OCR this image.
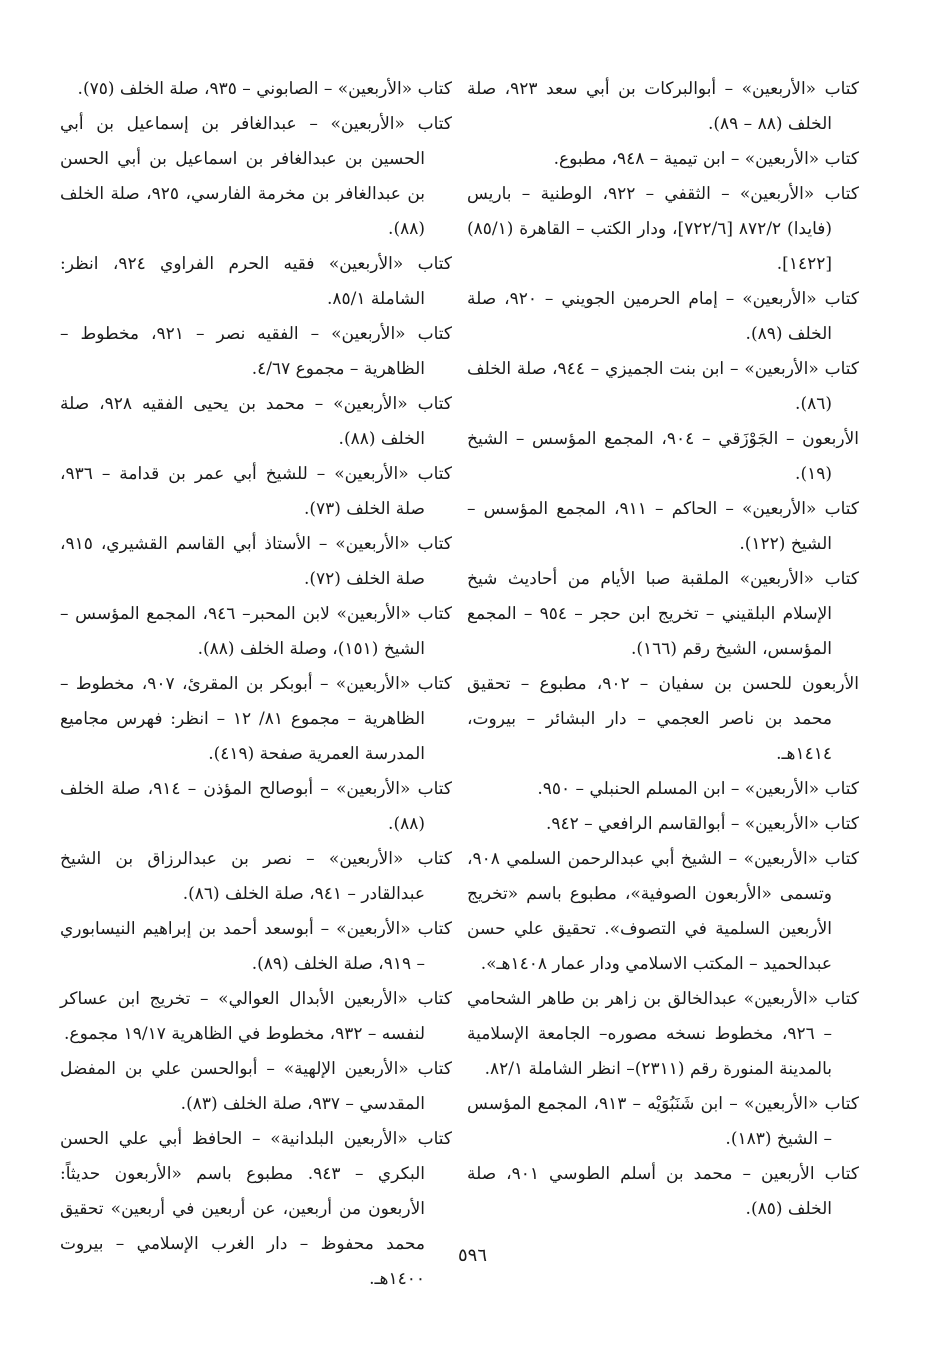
كتاب «الأربعين» – أبوالبركات بن أبي سعد ٩٢٣، صلة الخلف (٨٨ – ٨٩).

كتاب «الأربعين» – ابن تيمية – ٩٤٨، مطبوع.

كتاب «الأربعين» – الثقفي – ٩٢٢، الوطنية – باريس (فايدا) ٨٧٢/٢ [٧٢٢/٦]، ودار الكتب – القاهرة (٨٥/١) [١٤٢٢].

كتاب «الأربعين» – إمام الحرمين الجويني – ٩٢٠، صلة الخلف (٨٩).

كتاب «الأربعين» – ابن بنت الجميزي – ٩٤٤، صلة الخلف (٨٦).

الأربعون – الجَوْزَقي – ٩٠٤، المجمع المؤسس – الشيخ (١٩).

كتاب «الأربعين» – الحاكم – ٩١١، المجمع المؤسس – الشيخ (١٢٢).

كتاب «الأربعين» الملقبة صبا الأيام من أحاديث شيخ الإسلام البلقيني – تخريج ابن حجر – ٩٥٤ – المجمع المؤسس، الشيخ رقم (١٦٦).

الأربعون للحسن بن سفيان – ٩٠٢، مطبوع – تحقيق محمد بن ناصر العجمي – دار البشائر – بيروت، ١٤١٤هـ.

كتاب «الأربعين» – ابن المسلم الحنبلي – ٩٥٠.

كتاب «الأربعين» – أبوالقاسم الرافعي – ٩٤٢.

كتاب «الأربعين» – الشيخ أبي عبدالرحمن السلمي ٩٠٨، وتسمى «الأربعون الصوفية»، مطبوع باسم «تخريج الأربعين السلمية في التصوف». تحقيق علي حسن عبدالحميد – المكتب الاسلامي ودار عمار ١٤٠٨هـ».

كتاب «الأربعين» عبدالخالق بن زاهر بن طاهر الشحامي – ٩٢٦، مخطوط نسخه مصوره– الجامعة الإسلامية بالمدينة المنورة رقم (٢٣١١)– انظر الشاملة ٨٢/١.

كتاب «الأربعين» – ابن شَنَبُوَيْه – ٩١٣، المجمع المؤسس – الشيخ (١٨٣).

كتاب الأربعين – محمد بن أسلم الطوسي ٩٠١، صلة الخلف (٨٥).

كتاب «الأربعين» – الصابوني – ٩٣٥، صلة الخلف (٧٥).

كتاب «الأربعين» – عبدالغافر بن إسماعيل بن أبي الحسين بن عبدالغافر بن اسماعيل بن أبي الحسن بن عبدالغافر بن مخرمة الفارسي، ٩٢٥، صلة الخلف (٨٨).

كتاب «الأربعين» فقيه الحرم الفراوي ٩٢٤، انظر: الشاملة ٨٥/١.

كتاب «الأربعين» – الفقيه نصر – ٩٢١، مخطوط – الظاهرية – مجموع ٤/٦٧.

كتاب «الأربعين» – محمد بن يحيى الفقيه ٩٢٨، صلة الخلف (٨٨).

كتاب «الأربعين» – للشيخ أبي عمر بن قدامة – ٩٣٦، صلة الخلف (٧٣).

كتاب «الأربعين» – الأستاذ أبي القاسم القشيري، ٩١٥، صلة الخلف (٧٢).

كتاب «الأربعين» لابن المحبر– ٩٤٦، المجمع المؤسس – الشيخ (١٥١)، وصلة الخلف (٨٨).

كتاب «الأربعين» – أبوبكر بن المقرئ، ٩٠٧، مخطوط – الظاهرية – مجموع ٨١/ ١٢ – انظر: فهرس مجاميع المدرسة العمرية صفحة (٤١٩).

كتاب «الأربعين» – أبوصالح المؤذن – ٩١٤، صلة الخلف (٨٨).

كتاب «الأربعين» – نصر بن عبدالرزاق بن الشيخ عبدالقادر – ٩٤١، صلة الخلف (٨٦).

كتاب «الأربعين» – أبوسعد أحمد بن إبراهيم النيسابوري – ٩١٩، صلة الخلف (٨٩).

كتاب «الأربعين الأبدال العوالي» – تخريج ابن عساكر لنفسه – ٩٣٢، مخطوط في الظاهرية ١٩/١٧ مجموع.

كتاب «الأربعين الإلهية» – أبوالحسن علي بن المفضل المقدسي – ٩٣٧، صلة الخلف (٨٣).

كتاب «الأربعين البلدانية» – الحافظ أبي علي الحسن البكري – ٩٤٣. مطبوع باسم «الأربعون حديثاً: الأربعون من أربعين، عن أربعين في أربعين» تحقيق محمد محفوظ – دار الغرب الإسلامي – بيروت ١٤٠٠هـ.

٥٩٦
